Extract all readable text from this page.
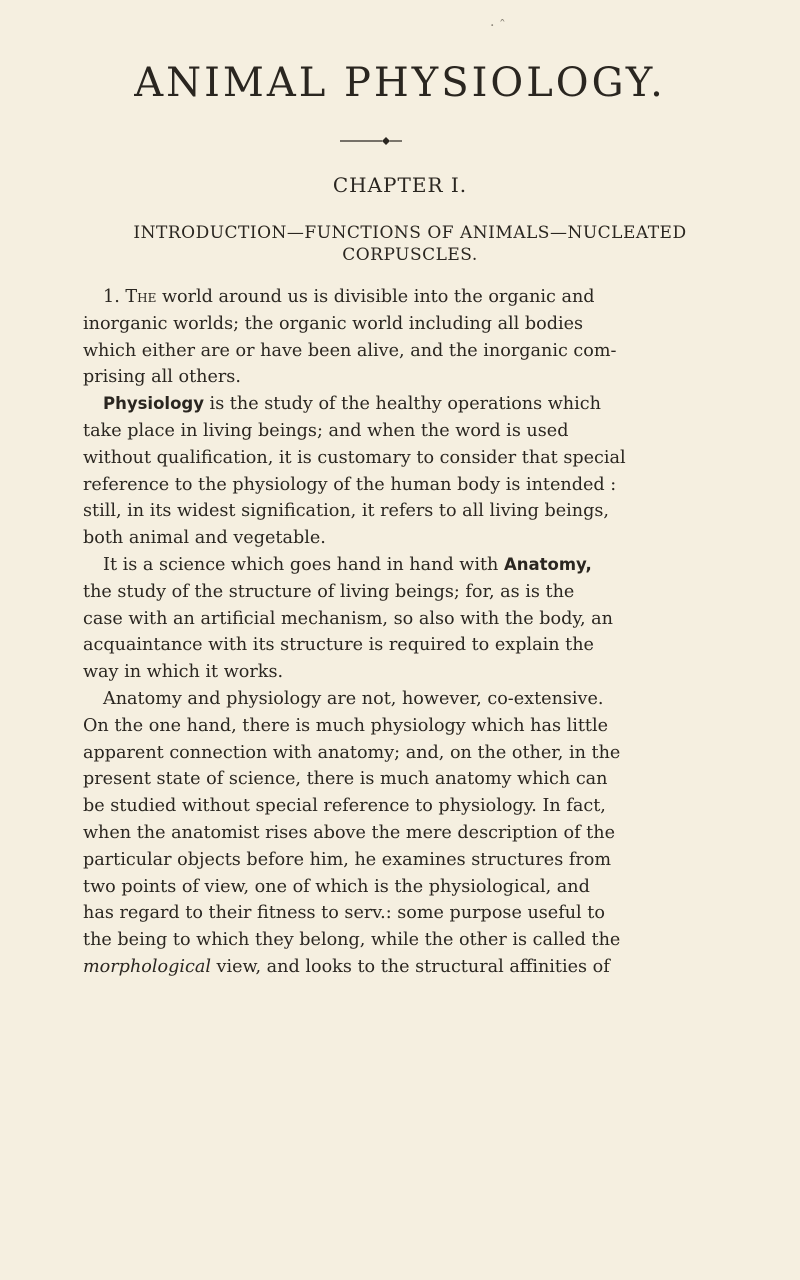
· ˆ
ANIMAL PHYSIOLOGY.
CHAPTER I.
INTRODUCTION—FUNCTIONS OF ANIMALS—NUCLEATED
CORPUSCLES.
1. The world around us is divisible into the organic and
inorganic worlds; the organic world including all bodies
which either are or have been alive, and the inorganic com-
prising all others.
Physiology is the study of the healthy operations which
take place in living beings; and when the word is used
without qualification, it is customary to consider that special
reference to the physiology of the human body is intended :
still, in its widest signification, it refers to all living beings,
both animal and vegetable.
It is a science which goes hand in hand with Anatomy,
the study of the structure of living beings; for, as is the
case with an artificial mechanism, so also with the body, an
acquaintance with its structure is required to explain the
way in which it works.
Anatomy and physiology are not, however, co-extensive.
On the one hand, there is much physiology which has little
apparent connection with anatomy; and, on the other, in the
present state of science, there is much anatomy which can
be studied without special reference to physiology. In fact,
when the anatomist rises above the mere description of the
particular objects before him, he examines structures from
two points of view, one of which is the physiological, and
has regard to their fitness to serv.: some purpose useful to
the being to which they belong, while the other is called the
morphological view, and looks to the structural affinities of
